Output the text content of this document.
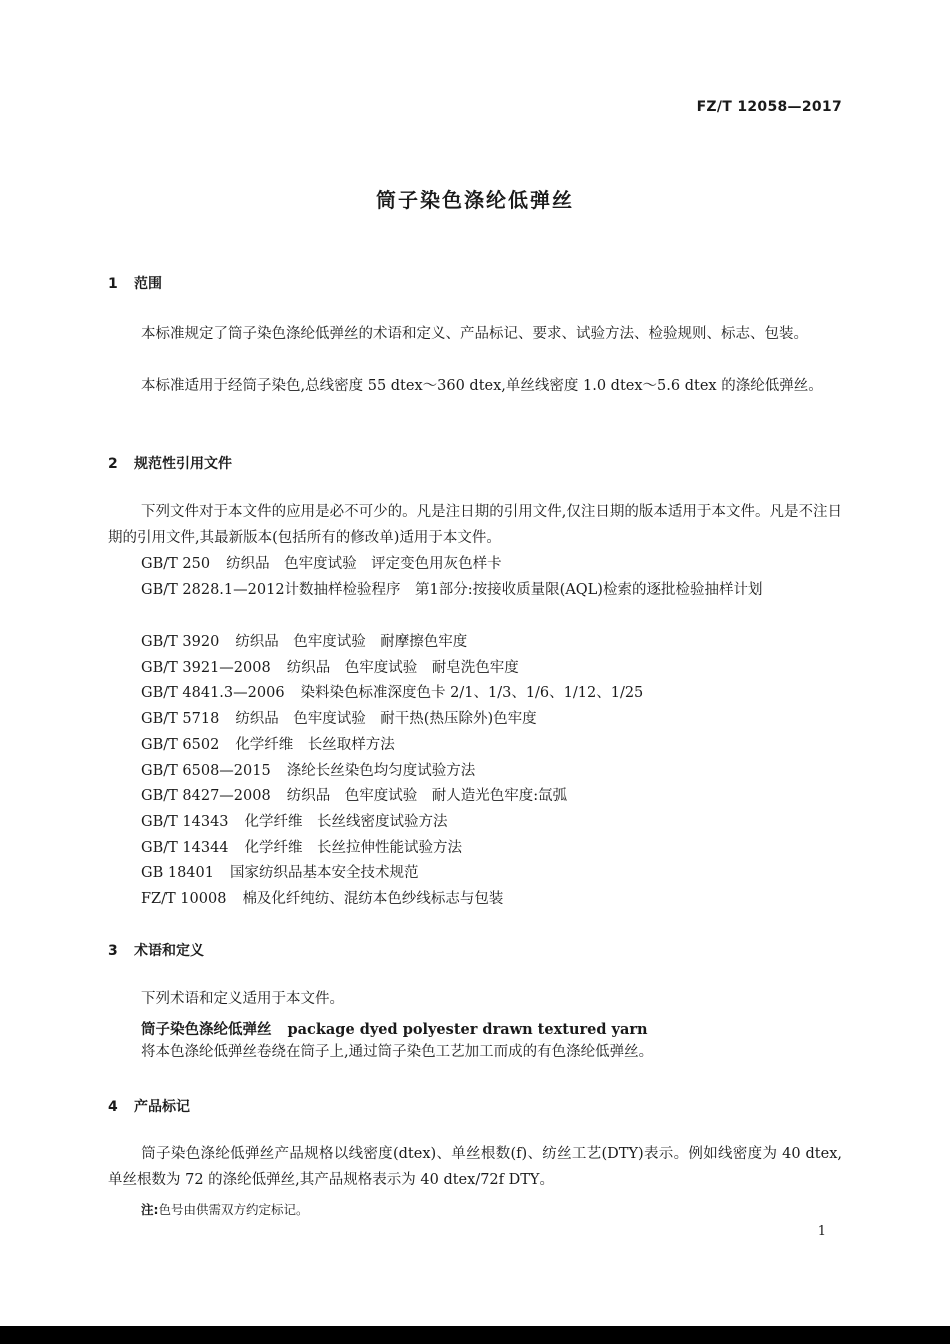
FZ/T 12058—2017
筒子染色涤纶低弹丝
1 范围
本标准规定了筒子染色涤纶低弹丝的术语和定义、产品标记、要求、试验方法、检验规则、标志、包装。
本标准适用于经筒子染色,总线密度 55 dtex～360 dtex,单丝线密度 1.0 dtex～5.6 dtex 的涤纶低弹丝。
2 规范性引用文件
下列文件对于本文件的应用是必不可少的。凡是注日期的引用文件,仅注日期的版本适用于本文件。凡是不注日期的引用文件,其最新版本(包括所有的修改单)适用于本文件。
GB/T 250 纺织品　色牢度试验　评定变色用灰色样卡
GB/T 2828.1—2012计数抽样检验程序　第1部分:按接收质量限(AQL)检索的逐批检验抽样计划
GB/T 3920 纺织品　色牢度试验　耐摩擦色牢度
GB/T 3921—2008 纺织品　色牢度试验　耐皂洗色牢度
GB/T 4841.3—2006 染料染色标准深度色卡 2/1、1/3、1/6、1/12、1/25
GB/T 5718 纺织品　色牢度试验　耐干热(热压除外)色牢度
GB/T 6502 化学纤维　长丝取样方法
GB/T 6508—2015 涤纶长丝染色均匀度试验方法
GB/T 8427—2008 纺织品　色牢度试验　耐人造光色牢度:氙弧
GB/T 14343 化学纤维　长丝线密度试验方法
GB/T 14344 化学纤维　长丝拉伸性能试验方法
GB 18401 国家纺织品基本安全技术规范
FZ/T 10008 棉及化纤纯纺、混纺本色纱线标志与包装
3 术语和定义
下列术语和定义适用于本文件。
筒子染色涤纶低弹丝 package dyed polyester drawn textured yarn
将本色涤纶低弹丝卷绕在筒子上,通过筒子染色工艺加工而成的有色涤纶低弹丝。
4 产品标记
筒子染色涤纶低弹丝产品规格以线密度(dtex)、单丝根数(f)、纺丝工艺(DTY)表示。例如线密度为 40 dtex,单丝根数为 72 的涤纶低弹丝,其产品规格表示为 40 dtex/72f DTY。
注:色号由供需双方约定标记。
1
